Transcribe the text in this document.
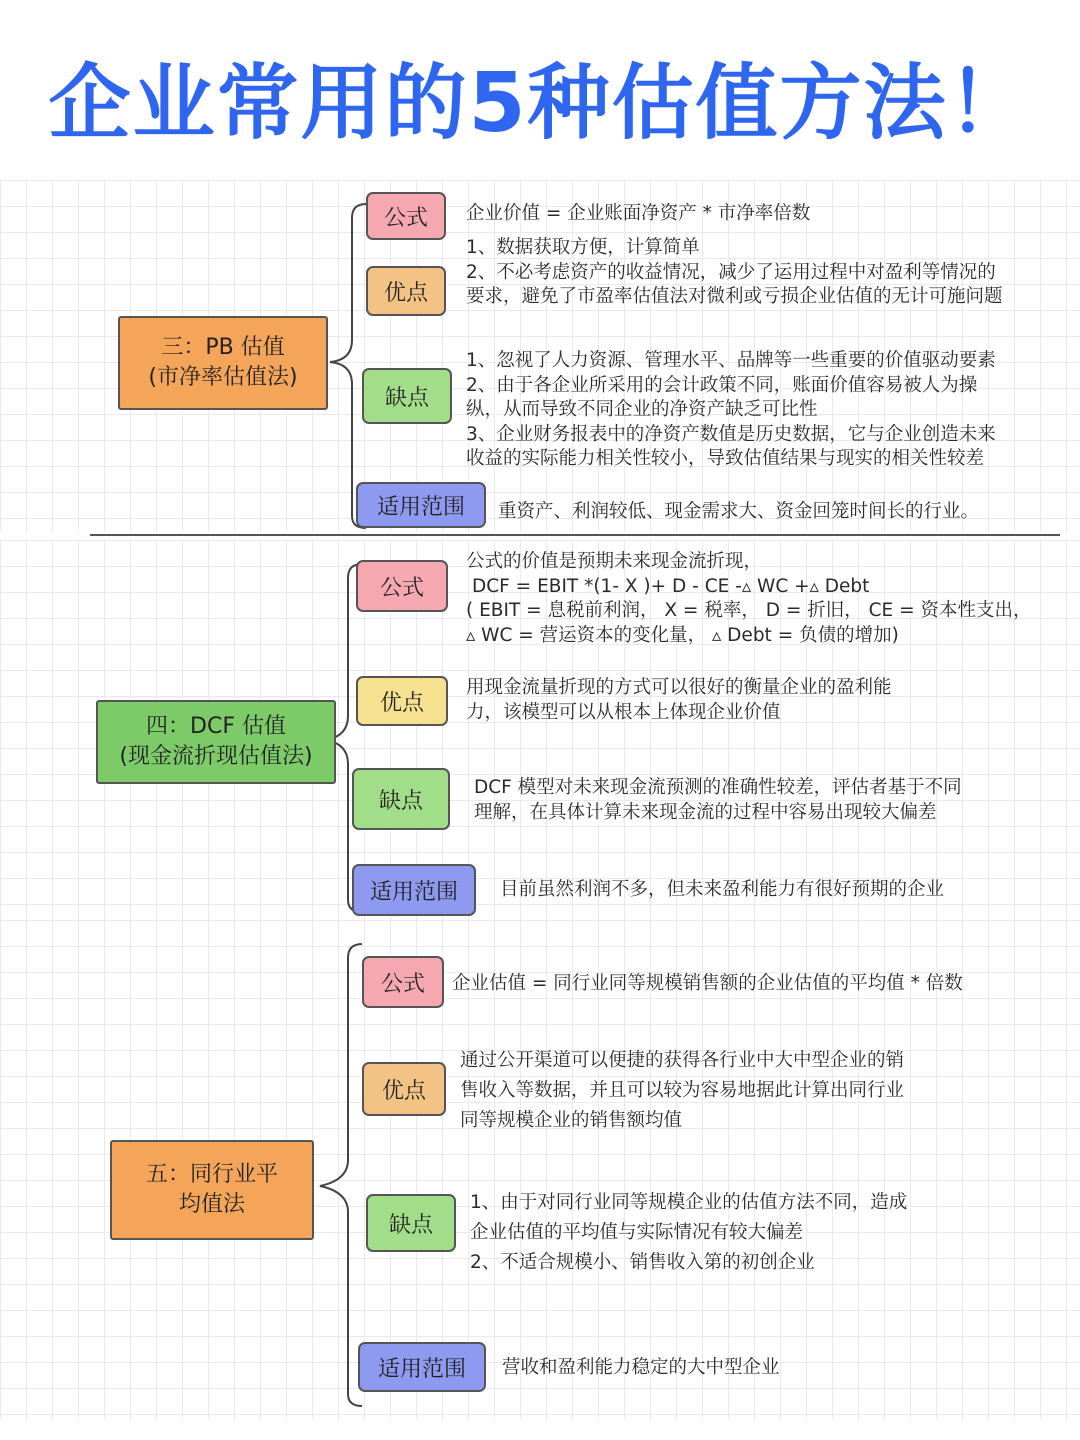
企业常用的5种估值方法！
三：PB 估值
(市净率估值法)
公式	企业价值 = 企业账面净资产 * 市净率倍数
优点
1、数据获取方便，计算简单
2、不必考虑资产的收益情况，减少了运用过程中对盈利等情况的
要求，避免了市盈率估值法对微利或亏损企业估值的无计可施问题
缺点
1、忽视了人力资源、管理水平、品牌等一些重要的价值驱动要素
2、由于各企业所采用的会计政策不同，账面价值容易被人为操
纵，从而导致不同企业的净资产缺乏可比性
3、企业财务报表中的净资产数值是历史数据，它与企业创造未来
收益的实际能力相关性较小，导致估值结果与现实的相关性较差
适用范围	重资产、利润较低、现金需求大、资金回笼时间长的行业。
四：DCF 估值
(现金流折现估值法)
公式
公式的价值是预期未来现金流折现，
DCF = EBIT *(1- X )+ D - CE -▵ WC +▵ Debt
( EBIT = 息税前利润， X = 税率， D = 折旧， CE = 资本性支出，
▵ WC = 营运资本的变化量， ▵ Debt = 负债的增加)
优点
用现金流量折现的方式可以很好的衡量企业的盈利能
力，该模型可以从根本上体现企业价值
缺点
DCF 模型对未来现金流预测的准确性较差，评估者基于不同
理解，在具体计算未来现金流的过程中容易出现较大偏差
适用范围	目前虽然利润不多，但未来盈利能力有很好预期的企业
五：同行业平
均值法
公式	企业估值 = 同行业同等规模销售额的企业估值的平均值 * 倍数
优点
通过公开渠道可以便捷的获得各行业中大中型企业的销
售收入等数据，并且可以较为容易地据此计算出同行业
同等规模企业的销售额均值
缺点
1、由于对同行业同等规模企业的估值方法不同，造成
企业估值的平均值与实际情况有较大偏差
2、不适合规模小、销售收入第的初创企业
适用范围	营收和盈利能力稳定的大中型企业
